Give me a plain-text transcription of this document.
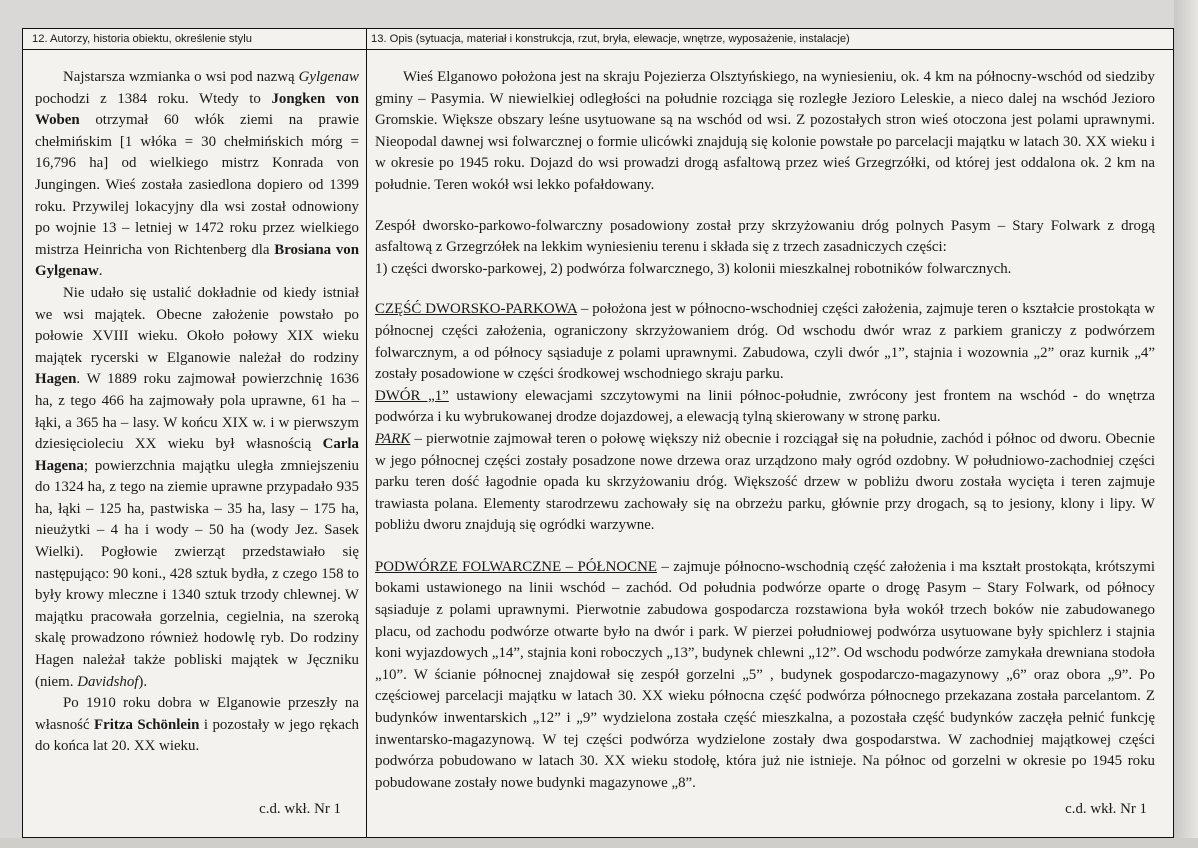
12. Autorzy, historia obiektu, określenie stylu	13. Opis (sytuacja, materiał i konstrukcja, rzut, bryła, elewacje, wnętrze, wyposażenie, instalacje)

Najstarsza wzmianka o wsi pod nazwą Gylgenaw pochodzi z 1384 roku. Wtedy to Jongken von Woben otrzymał 60 włók ziemi na prawie chełmińskim [1 włóka = 30 chełmińskich mórg = 16,796 ha] od wielkiego mistrz Konrada von Jungingen. Wieś została zasiedlona dopiero od 1399 roku. Przywilej lokacyjny dla wsi został odnowiony po wojnie 13 – letniej w 1472 roku przez wielkiego mistrza Heinricha von Richtenberg dla Brosiana von Gylgenaw.

Nie udało się ustalić dokładnie od kiedy istniał we wsi majątek. Obecne założenie powstało po połowie XVIII wieku. Około połowy XIX wieku majątek rycerski w Elganowie należał do rodziny Hagen. W 1889 roku zajmował powierzchnię 1636 ha, z tego 466 ha zajmowały pola uprawne, 61 ha – łąki, a 365 ha – lasy. W końcu XIX w. i w pierwszym dziesięcioleciu XX wieku był własnością Carla Hagena; powierzchnia majątku uległa zmniejszeniu do 1324 ha, z tego na ziemie uprawne przypadało 935 ha, łąki – 125 ha, pastwiska – 35 ha, lasy – 175 ha, nieużytki – 4 ha i wody – 50 ha (wody Jez. Sasek Wielki). Pogłowie zwierząt przedstawiało się następująco: 90 koni., 428 sztuk bydła, z czego 158 to były krowy mleczne i 1340 sztuk trzody chlewnej. W majątku pracowała gorzelnia, cegielnia, na szeroką skalę prowadzono również hodowlę ryb. Do rodziny Hagen należał także pobliski majątek w Jęczniku (niem. Davidshof).

Po 1910 roku dobra w Elganowie przeszły na własność Fritza Schönlein i pozostały w jego rękach do końca lat 20. XX wieku.

c.d. wkł. Nr 1

Wieś Elganowo położona jest na skraju Pojezierza Olsztyńskiego, na wyniesieniu, ok. 4 km na północny-wschód od siedziby gminy – Pasymia. W niewielkiej odległości na południe rozciąga się rozległe Jezioro Leleskie, a nieco dalej na wschód Jezioro Gromskie. Większe obszary leśne usytuowane są na wschód od wsi. Z pozostałych stron wieś otoczona jest polami uprawnymi. Nieopodal dawnej wsi folwarcznej o formie ulicówki znajdują się kolonie powstałe po parcelacji majątku w latach 30. XX wieku i w okresie po 1945 roku. Dojazd do wsi prowadzi drogą asfaltową przez wieś Grzegrzółki, od której jest oddalona ok. 2 km na południe. Teren wokół wsi lekko pofałdowany.

Zespół dworsko-parkowo-folwarczny posadowiony został przy skrzyżowaniu dróg polnych Pasym – Stary Folwark z drogą asfaltową z Grzegrzółek na lekkim wyniesieniu terenu i składa się z trzech zasadniczych części:

1) części dworsko-parkowej, 2) podwórza folwarcznego, 3) kolonii mieszkalnej robotników folwarcznych.

CZĘŚĆ DWORSKO-PARKOWA – położona jest w północno-wschodniej części założenia, zajmuje teren o kształcie prostokąta w północnej części założenia, ograniczony skrzyżowaniem dróg. Od wschodu dwór wraz z parkiem graniczy z podwórzem folwarcznym, a od północy sąsiaduje z polami uprawnymi. Zabudowa, czyli dwór „1”, stajnia i wozownia „2” oraz kurnik „4” zostały posadowione w części środkowej wschodniego skraju parku.

DWÓR „1” ustawiony elewacjami szczytowymi na linii północ-południe, zwrócony jest frontem na wschód - do wnętrza podwórza i ku wybrukowanej drodze dojazdowej, a elewacją tylną skierowany w stronę parku.

PARK – pierwotnie zajmował teren o połowę większy niż obecnie i rozciągał się na południe, zachód i północ od dworu. Obecnie w jego północnej części zostały posadzone nowe drzewa oraz urządzono mały ogród ozdobny. W południowo-zachodniej części parku teren dość łagodnie opada ku skrzyżowaniu dróg. Większość drzew w pobliżu dworu została wycięta i teren zajmuje trawiasta polana. Elementy starodrzewu zachowały się na obrzeżu parku, głównie przy drogach, są to jesiony, klony i lipy. W pobliżu dworu znajdują się ogródki warzywne.

PODWÓRZE FOLWARCZNE – PÓŁNOCNE – zajmuje północno-wschodnią część założenia i ma kształt prostokąta, krótszymi bokami ustawionego na linii wschód – zachód. Od południa podwórze oparte o drogę Pasym – Stary Folwark, od północy sąsiaduje z polami uprawnymi. Pierwotnie zabudowa gospodarcza rozstawiona była wokół trzech boków nie zabudowanego placu, od zachodu podwórze otwarte było na dwór i park. W pierzei południowej podwórza usytuowane były spichlerz i stajnia koni wyjazdowych „14”, stajnia koni roboczych „13”, budynek chlewni „12”. Od wschodu podwórze zamykała drewniana stodoła „10”. W ścianie północnej znajdował się zespół gorzelni „5” , budynek gospodarczo-magazynowy „6” oraz obora „9”. Po częściowej parcelacji majątku w latach 30. XX wieku północna część podwórza północnego przekazana została parcelantom. Z budynków inwentarskich „12” i „9” wydzielona została część mieszkalna, a pozostała część budynków zaczęła pełnić funkcję inwentarsko-magazynową. W tej części podwórza wydzielone zostały dwa gospodarstwa. W zachodniej majątkowej części podwórza pobudowano w latach 30. XX wieku stodołę, która już nie istnieje. Na północ od gorzelni w okresie po 1945 roku pobudowane zostały nowe budynki magazynowe „8”.

c.d. wkł. Nr 1
